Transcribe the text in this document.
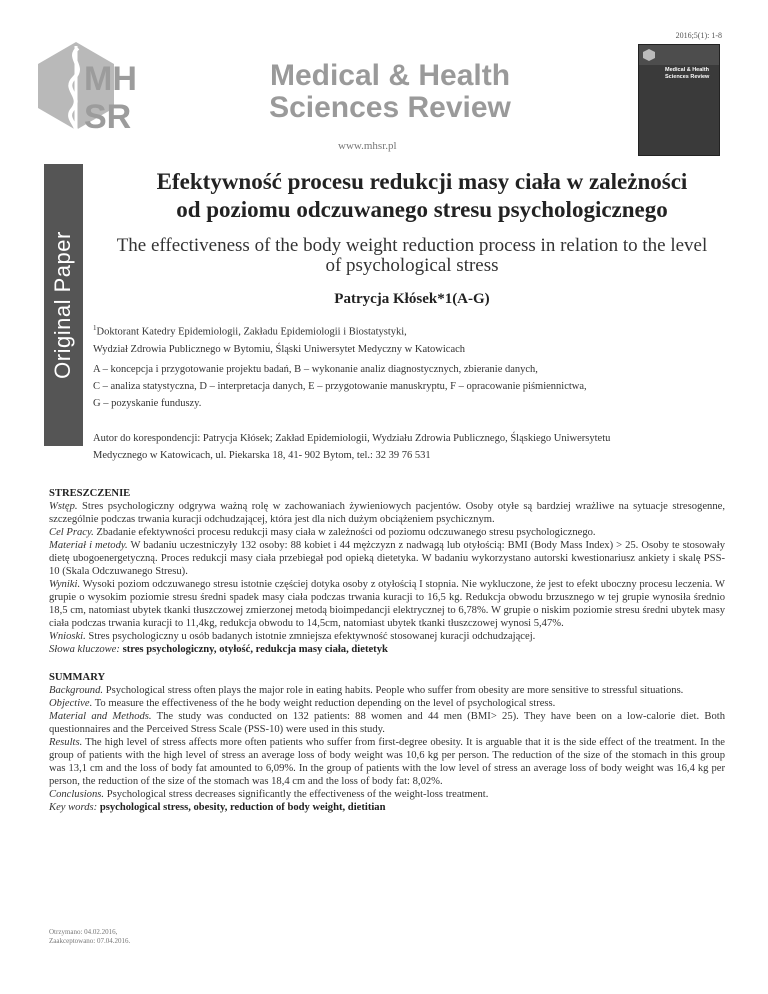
2016;5(1): 1-8
MH
SR
Medical & Health
Sciences Review
www.mhsr.pl
Medical & Health Sciences Review
Original Paper
Efektywność procesu redukcji masy ciała w zależności
od poziomu odczuwanego stresu psychologicznego
The effectiveness of the body weight reduction process in relation to the level
of psychological stress
Patrycja Kłósek*1(A-G)
$^1$Doktorant Katedry Epidemiologii, Zakładu Epidemiologii i Biostatystyki,
Wydział Zdrowia Publicznego w Bytomiu, Śląski Uniwersytet Medyczny w Katowicach
A – koncepcja i przygotowanie projektu badań, B – wykonanie analiz diagnostycznych, zbieranie danych,
C – analiza statystyczna, D – interpretacja danych, E – przygotowanie manuskryptu, F – opracowanie piśmiennictwa,
G – pozyskanie funduszy.
Autor do korespondencji: Patrycja Kłósek; Zakład Epidemiologii, Wydziału Zdrowia Publicznego, Śląskiego Uniwersytetu
Medycznego w Katowicach, ul. Piekarska 18, 41- 902 Bytom, tel.: 32 39 76 531

STRESZCZENIE

Wstęp. Stres psychologiczny odgrywa ważną rolę w zachowaniach żywieniowych pacjentów. Osoby otyłe są bardziej wrażliwe na sytuacje stresogenne, szczególnie podczas trwania kuracji odchudzającej, która jest dla nich dużym obciążeniem psychicznym.

Cel Pracy. Zbadanie efektywności procesu redukcji masy ciała w zależności od poziomu odczuwanego stresu psychologicznego.

Materiał i metody. W badaniu uczestniczyły 132 osoby: 88 kobiet i 44 mężczyzn z nadwagą lub otyłością: BMI (Body Mass Index) > 25. Osoby te stosowały dietę ubogoenergetyczną. Proces redukcji masy ciała przebiegał pod opieką dietetyka. W badaniu wykorzystano autorski kwestionariusz ankiety i skalę PSS- 10 (Skala Odczuwanego Stresu).

Wyniki. Wysoki poziom odczuwanego stresu istotnie częściej dotyka osoby z otyłością I stopnia. Nie wykluczone, że jest to efekt uboczny procesu leczenia. W grupie o wysokim poziomie stresu średni spadek masy ciała podczas trwania kuracji to 16,5 kg. Redukcja obwodu brzusznego w tej grupie wynosiła średnio 18,5 cm, natomiast ubytek tkanki tłuszczowej zmierzonej metodą bioimpedancji elektrycznej to 6,78%. W grupie o niskim poziomie stresu średni ubytek masy ciała podczas trwania kuracji to 11,4kg, redukcja obwodu to 14,5cm, natomiast ubytek tkanki tłuszczowej wynosi 5,47%.

Wnioski. Stres psychologiczny u osób badanych istotnie zmniejsza efektywność stosowanej kuracji odchudzającej.

Słowa kluczowe: stres psychologiczny, otyłość, redukcja masy ciała, dietetyk

SUMMARY

Background. Psychological stress often plays the major role in eating habits. People who suffer from obesity are more sensitive to stressful situations.

Objective. To measure the effectiveness of the he body weight reduction depending on the level of psychological stress.

Material and Methods. The study was conducted on 132 patients: 88 women and 44 men (BMI> 25). They have been on a low-calorie diet. Both questionnaires and the Perceived Stress Scale (PSS-10) were used in this study.

Results. The high level of stress affects more often patients who suffer from first-degree obesity. It is arguable that it is the side effect of the treatment. In the group of patients with the high level of stress an average loss of body weight was 10,6 kg per person. The reduction of the size of the stomach in this group was 13,1 cm and the loss of body fat amounted to 6,09%. In the group of patients with the low level of stress an average loss of body weight was 16,4 kg per person, the reduction of the size of the stomach was 18,4 cm and the loss of body fat: 8,02%.

Conclusions. Psychological stress decreases significantly the effectiveness of the weight-loss treatment.

Key words: psychological stress, obesity, reduction of body weight, dietitian

Otrzymano: 04.02.2016,
Zaakceptowano: 07.04.2016.
